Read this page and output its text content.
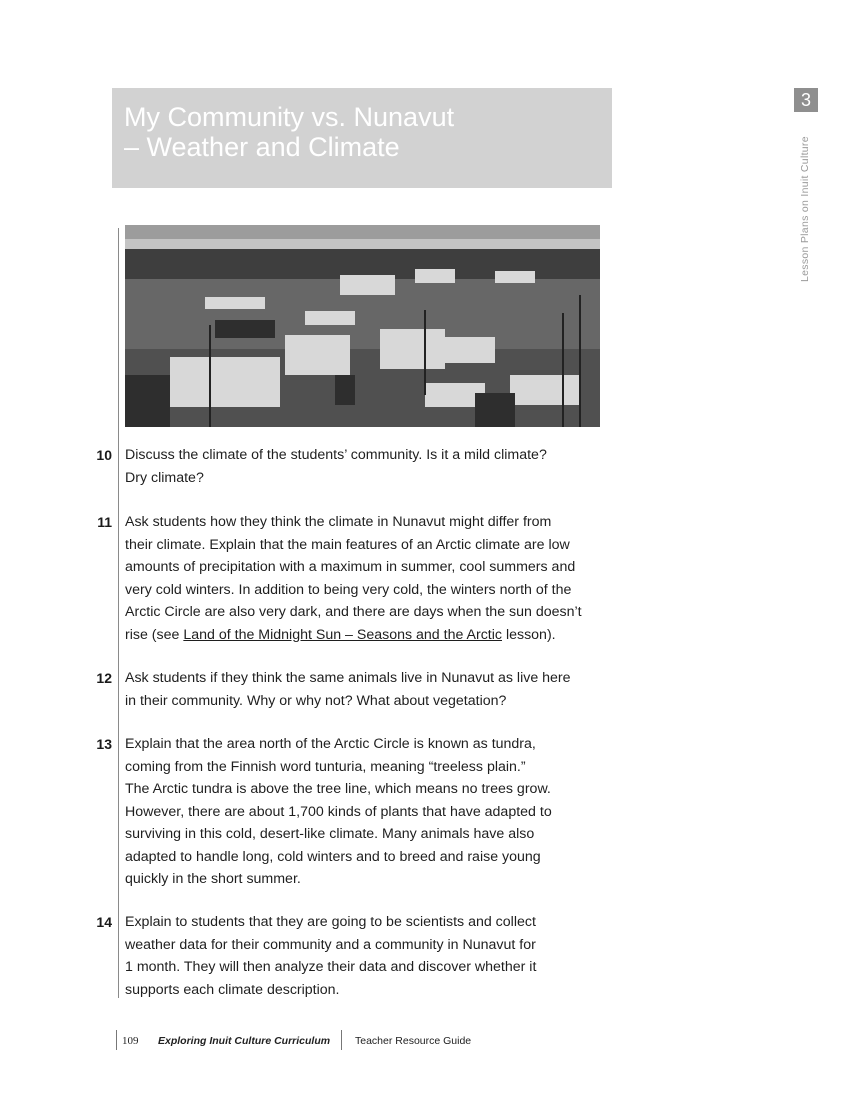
My Community vs. Nunavut
– Weather and Climate
3
Lesson Plans on Inuit Culture
10 Discuss the climate of the students’ community. Is it a mild climate?
Dry climate?
11 Ask students how they think the climate in Nunavut might differ from
their climate. Explain that the main features of an Arctic climate are low
amounts of precipitation with a maximum in summer, cool summers and
very cold winters. In addition to being very cold, the winters north of the
Arctic Circle are also very dark, and there are days when the sun doesn’t
rise (see Land of the Midnight Sun – Seasons and the Arctic lesson).
12 Ask students if they think the same animals live in Nunavut as live here
in their community. Why or why not? What about vegetation?
13 Explain that the area north of the Arctic Circle is known as tundra,
coming from the Finnish word tunturia, meaning “treeless plain.”
The Arctic tundra is above the tree line, which means no trees grow.
However, there are about 1,700 kinds of plants that have adapted to
surviving in this cold, desert-like climate. Many animals have also
adapted to handle long, cold winters and to breed and raise young
quickly in the short summer.
14 Explain to students that they are going to be scientists and collect
weather data for their community and a community in Nunavut for
1 month. They will then analyze their data and discover whether it
supports each climate description.
109 Exploring Inuit Culture Curriculum Teacher Resource Guide
